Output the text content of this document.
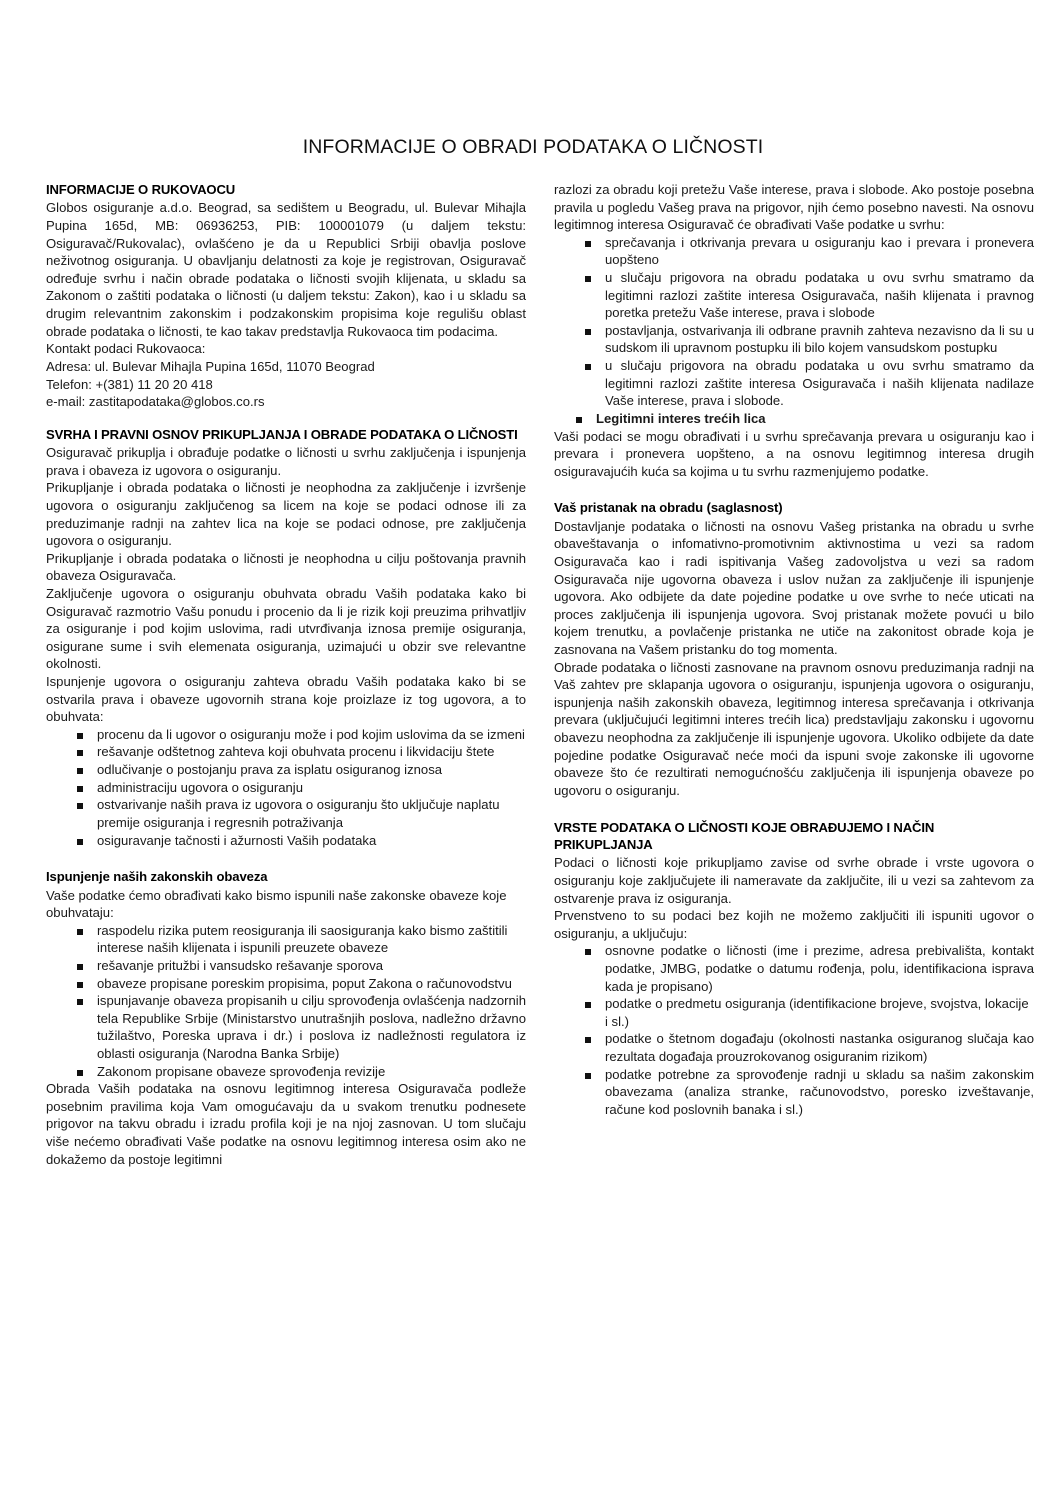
INFORMACIJE O OBRADI PODATAKA O LIČNOSTI
INFORMACIJE O RUKOVAOCU

Globos osiguranje a.d.o. Beograd, sa sedištem u Beogradu, ul. Bulevar Mihajla Pupina 165d, MB: 06936253, PIB: 100001079 (u daljem tekstu: Osiguravač/Rukovalac), ovlašćeno je da u Republici Srbiji obavlja poslove neživotnog osiguranja. U obavljanju delatnosti za koje je registrovan, Osiguravač određuje svrhu i način obrade podataka o ličnosti svojih klijenata, u skladu sa Zakonom o zaštiti podataka o ličnosti (u daljem tekstu: Zakon), kao i u skladu sa drugim relevantnim zakonskim i podzakonskim propisima koje regulišu oblast obrade podataka o ličnosti, te kao takav predstavlja Rukovaoca tim podacima.

Kontakt podaci Rukovaoca:

Adresa: ul. Bulevar Mihajla Pupina 165d, 11070 Beograd

Telefon: +(381) 11 20 20 418

e-mail: zastitapodataka@globos.co.rs

SVRHA I PRAVNI OSNOV PRIKUPLJANJA I OBRADE PODATAKA O LIČNOSTI

Osiguravač prikuplja i obrađuje podatke o ličnosti u svrhu zaključenja i ispunjenja prava i obaveza iz ugovora o osiguranju.

Prikupljanje i obrada podataka o ličnosti je neophodna za zaključenje i izvršenje ugovora o osiguranju zaključenog sa licem na koje se podaci odnose ili za preduzimanje radnji na zahtev lica na koje se podaci odnose, pre zaključenja ugovora o osiguranju.

Prikupljanje i obrada podataka o ličnosti je neophodna u cilju poštovanja pravnih obaveza Osiguravača.

Zaključenje ugovora o osiguranju obuhvata obradu Vaših podataka kako bi Osiguravač razmotrio Vašu ponudu i procenio da li je rizik koji preuzima prihvatljiv za osiguranje i pod kojim uslovima, radi utvrđivanja iznosa premije osiguranja, osigurane sume i svih elemenata osiguranja, uzimajući u obzir sve relevantne okolnosti.

Ispunjenje ugovora o osiguranju zahteva obradu Vaših podataka kako bi se ostvarila prava i obaveze ugovornih strana koje proizlaze iz tog ugovora, a to obuhvata:

procenu da li ugovor o osiguranju može i pod kojim uslovima da se izmeni
rešavanje odštetnog zahteva koji obuhvata procenu i likvidaciju štete
odlučivanje o postojanju prava za isplatu osiguranog iznosa
administraciju ugovora o osiguranju
ostvarivanje naših prava iz ugovora o osiguranju što uključuje naplatu premije osiguranja i regresnih potraživanja
osiguravanje tačnosti i ažurnosti Vaših podataka
Ispunjenje naših zakonskih obaveza

Vaše podatke ćemo obrađivati kako bismo ispunili naše zakonske obaveze koje obuhvataju:

raspodelu rizika putem reosiguranja ili saosiguranja kako bismo zaštitili interese naših klijenata i ispunili preuzete obaveze
rešavanje pritužbi i vansudsko rešavanje sporova
obaveze propisane poreskim propisima, poput Zakona o računovodstvu
ispunjavanje obaveza propisanih u cilju sprovođenja ovlašćenja nadzornih tela Republike Srbije (Ministarstvo unutrašnjih poslova, nadležno državno tužilaštvo, Poreska uprava i dr.) i poslova iz nadležnosti regulatora iz oblasti osiguranja (Narodna Banka Srbije)
Zakonom propisane obaveze sprovođenja revizije

Obrada Vaših podataka na osnovu legitimnog interesa Osiguravača podleže posebnim pravilima koja Vam omogućavaju da u svakom trenutku podnesete prigovor na takvu obradu i izradu profila koji je na njoj zasnovan. U tom slučaju više nećemo obrađivati Vaše podatke na osnovu legitimnog interesa osim ako ne dokažemo da postoje legitimni

razlozi za obradu koji pretežu Vaše interese, prava i slobode. Ako postoje posebna pravila u pogledu Vašeg prava na prigovor, njih ćemo posebno navesti. Na osnovu legitimnog interesa Osiguravač će obrađivati Vaše podatke u svrhu:

sprečavanja i otkrivanja prevara u osiguranju kao i prevara i pronevera uopšteno
u slučaju prigovora na obradu podataka u ovu svrhu smatramo da legitimni razlozi zaštite interesa Osiguravača, naših klijenata i pravnog poretka pretežu Vaše interese, prava i slobode
postavljanja, ostvarivanja ili odbrane pravnih zahteva nezavisno da li su u sudskom ili upravnom postupku ili bilo kojem vansudskom postupku
u slučaju prigovora na obradu podataka u ovu svrhu smatramo da legitimni razlozi zaštite interesa Osiguravača i naših klijenata nadilaze Vaše interese, prava i slobode.
Legitimni interes trećih lica

Vaši podaci se mogu obrađivati i u svrhu sprečavanja prevara u osiguranju kao i prevara i pronevera uopšteno, a na osnovu legitimnog interesa drugih osiguravajućih kuća sa kojima u tu svrhu razmenjujemo podatke.

Vaš pristanak na obradu (saglasnost)

Dostavljanje podataka o ličnosti na osnovu Vašeg pristanka na obradu u svrhe obaveštavanja o infomativno-promotivnim aktivnostima u vezi sa radom Osiguravača kao i radi ispitivanja Vašeg zadovoljstva u vezi sa radom Osiguravača nije ugovorna obaveza i uslov nužan za zaključenje ili ispunjenje ugovora. Ako odbijete da date pojedine podatke u ove svrhe to neće uticati na proces zaključenja ili ispunjenja ugovora. Svoj pristanak možete povući u bilo kojem trenutku, a povlačenje pristanka ne utiče na zakonitost obrade koja je zasnovana na Vašem pristanku do tog momenta.

Obrade podataka o ličnosti zasnovane na pravnom osnovu preduzimanja radnji na Vaš zahtev pre sklapanja ugovora o osiguranju, ispunjenja ugovora o osiguranju, ispunjenja naših zakonskih obaveza, legitimnog interesa sprečavanja i otkrivanja prevara (uključujući legitimni interes trećih lica) predstavljaju zakonsku i ugovornu obavezu neophodna za zaključenje ili ispunjenje ugovora. Ukoliko odbijete da date pojedine podatke Osiguravač neće moći da ispuni svoje zakonske ili ugovorne obaveze što će rezultirati nemogućnošću zaključenja ili ispunjenja obaveze po ugovoru o osiguranju.

VRSTE PODATAKA O LIČNOSTI KOJE OBRAĐUJEMO I NAČIN PRIKUPLJANJA

Podaci o ličnosti koje prikupljamo zavise od svrhe obrade i vrste ugovora o osiguranju koje zaključujete ili nameravate da zaključite, ili u vezi sa zahtevom za ostvarenje prava iz osiguranja.

Prvenstveno to su podaci bez kojih ne možemo zaključiti ili ispuniti ugovor o osiguranju, a uključuju:

osnovne podatke o ličnosti (ime i prezime, adresa prebivališta, kontakt podatke, JMBG, podatke o datumu rođenja, polu, identifikaciona isprava kada je propisano)
podatke o predmetu osiguranja (identifikacione brojeve, svojstva, lokacije i sl.)
podatke o štetnom događaju (okolnosti nastanka osiguranog slučaja kao rezultata događaja prouzrokovanog osiguranim rizikom)
podatke potrebne za sprovođenje radnji u skladu sa našim zakonskim obavezama (analiza stranke, računovodstvo, poresko izveštavanje, račune kod poslovnih banaka i sl.)
